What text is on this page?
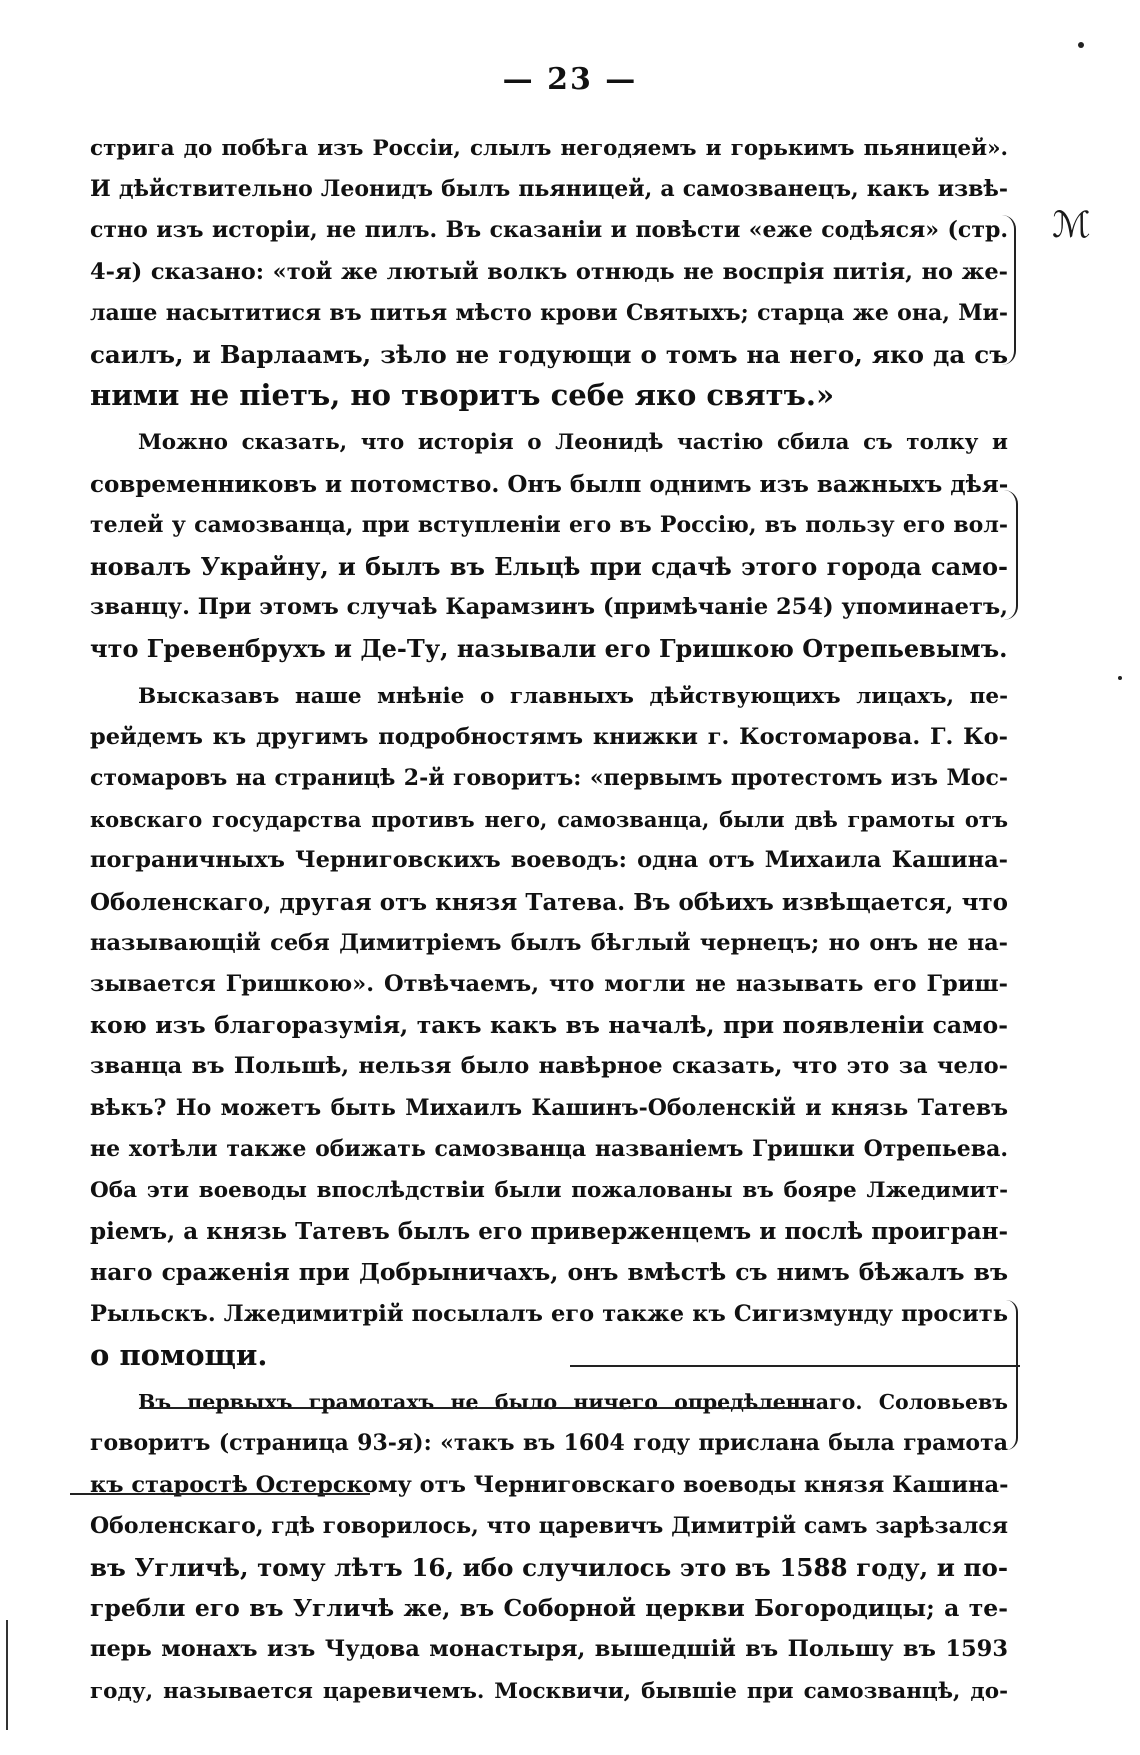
— 23 —
ℳ

стрига до побѣга изъ Россіи, слылъ негодяемъ и горькимъ пьяницей».
И дѣйствительно Леонидъ былъ пьяницей, а самозванецъ, какъ извѣ-
стно изъ исторіи, не пилъ. Въ сказаніи и повѣсти «еже содѣяся» (стр.
4-я) сказано: «той же лютый волкъ отнюдь не воспрія питія, но же-
лаше насытитися въ питья мѣсто крови Святыхъ; старца же она, Ми-
саилъ, и Варлаамъ, зѣло не годующи о томъ на него, яко да съ
ними не піетъ, но творитъ себе яко святъ.»

Можно сказать, что исторія о Леонидѣ частію сбила съ толку и
современниковъ и потомство. Онъ былп однимъ изъ важныхъ дѣя-
телей у самозванца, при вступленіи его въ Россію, въ пользу его вол-
новалъ Украйну, и былъ въ Ельцѣ при сдачѣ этого города само-
званцу. При этомъ случаѣ Карамзинъ (примѣчаніе 254) упоминаетъ,
что Гревенбрухъ и Де-Ту, называли его Гришкою Отрепьевымъ.

Высказавъ наше мнѣніе о главныхъ дѣйствующихъ лицахъ, пе-
рейдемъ къ другимъ подробностямъ книжки г. Костомарова. Г. Ко-
стомаровъ на страницѣ 2-й говоритъ: «первымъ протестомъ изъ Мос-
ковскаго государства противъ него, самозванца, были двѣ грамоты отъ
пограничныхъ Черниговскихъ воеводъ: одна отъ Михаила Кашина-
Оболенскаго, другая отъ князя Татева. Въ обѣихъ извѣщается, что
называющій себя Димитріемъ былъ бѣглый чернецъ; но онъ не на-
зывается Гришкою». Отвѣчаемъ, что могли не называть его Гриш-
кою изъ благоразумія, такъ какъ въ началѣ, при появленіи само-
званца въ Польшѣ, нельзя было навѣрное сказать, что это за чело-
вѣкъ? Но можетъ быть Михаилъ Кашинъ-Оболенскій и князь Татевъ
не хотѣли также обижать самозванца названіемъ Гришки Отрепьева.
Оба эти воеводы впослѣдствіи были пожалованы въ бояре Лжедимит-
ріемъ, а князь Татевъ былъ его приверженцемъ и послѣ проигран-
наго сраженія при Добрыничахъ, онъ вмѣстѣ съ нимъ бѣжалъ въ
Рыльскъ. Лжедимитрій посылалъ его также къ Сигизмунду просить
о помощи.

Въ первыхъ грамотахъ не было ничего опредѣленнаго. Соловьевъ
говоритъ (страница 93-я): «такъ въ 1604 году прислана была грамота
къ старостѣ Остерскому отъ Черниговскаго воеводы князя Кашина-
Оболенскаго, гдѣ говорилось, что царевичъ Димитрій самъ зарѣзался
въ Угличѣ, тому лѣтъ 16, ибо случилось это въ 1588 году, и по-
гребли его въ Угличѣ же, въ Соборной церкви Богородицы; а те-
перь монахъ изъ Чудова монастыря, вышедшій въ Польшу въ 1593
году, называется царевичемъ. Москвичи, бывшіе при самозванцѣ, до-
